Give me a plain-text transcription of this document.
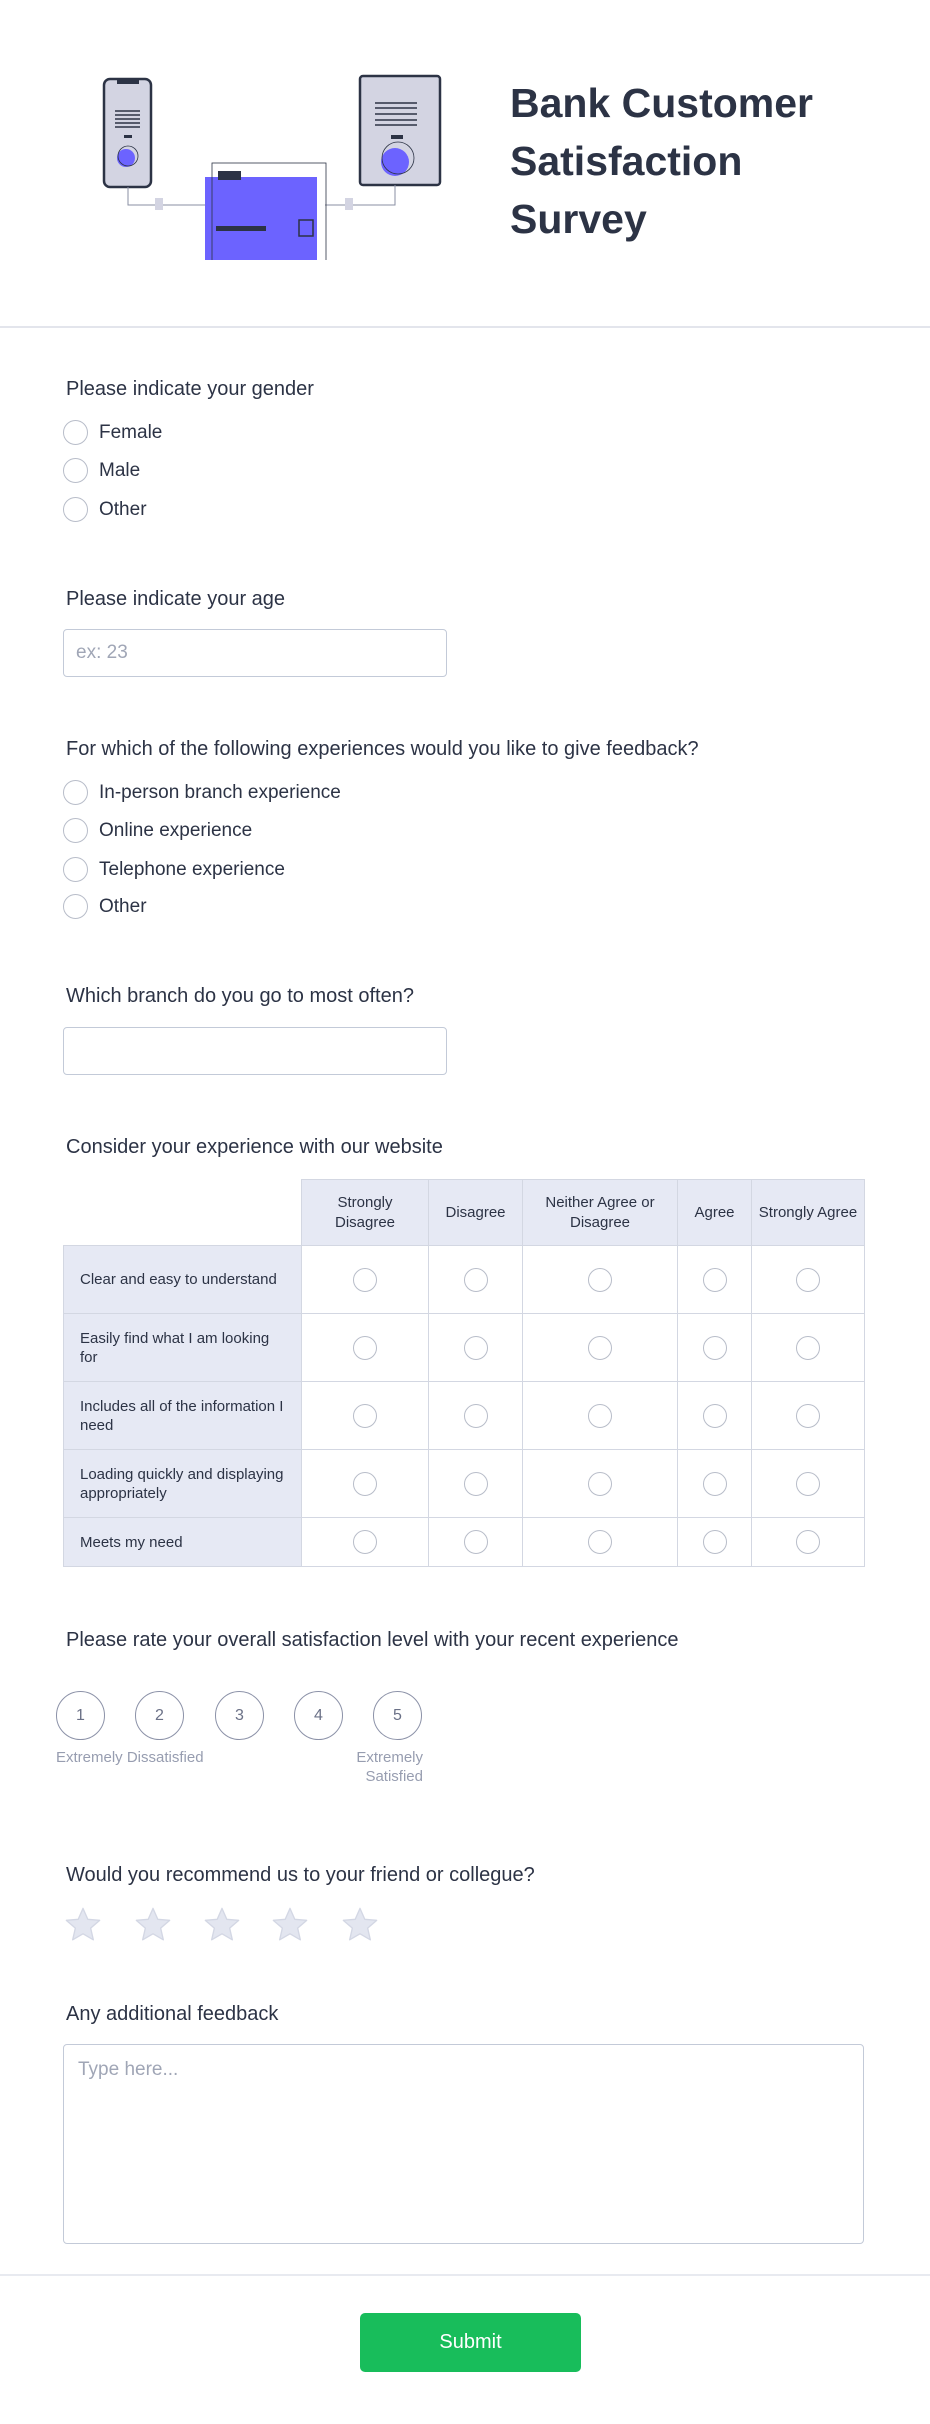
Bank Customer Satisfaction Survey
Please indicate your gender
Female
Male
Other
Please indicate your age
ex: 23
For which of the following experiences would you like to give feedback?
In-person branch experience
Online experience
Telephone experience
Other
Which branch do you go to most often?
Consider your experience with our website
	Strongly Disagree	Disagree	Neither Agree or Disagree	Agree	Strongly Agree
Clear and easy to understand	

Easily find what I am looking for	

Includes all of the information I need	

Loading quickly and displaying appropriately	

Meets my need	

Please rate your overall satisfaction level with your recent experience
1	2	3	4	5
Extremely Dissatisfied	Extremely Satisfied
Would you recommend us to your friend or collegue?
Any additional feedback
Type here...
Submit
